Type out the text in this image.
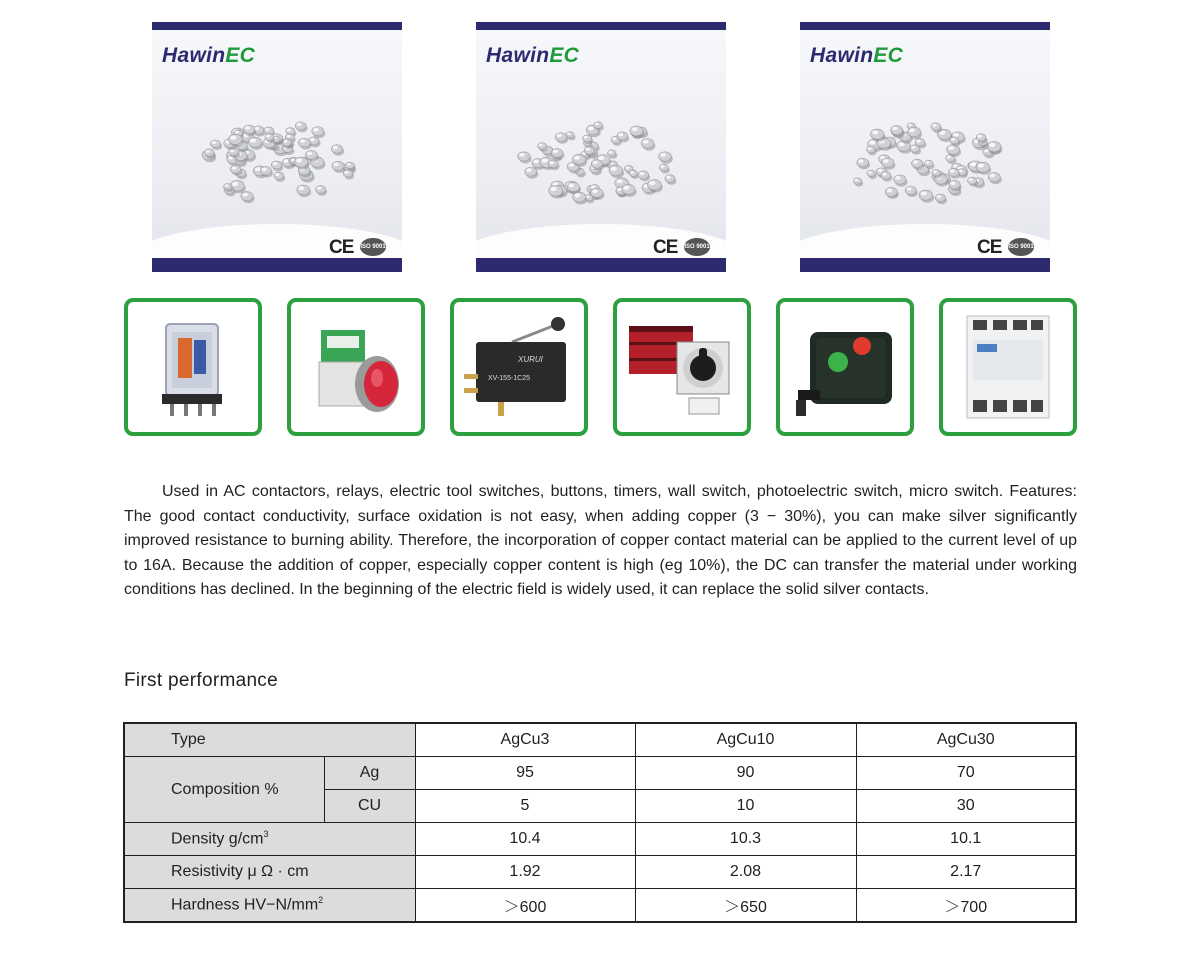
HawinEC
CE ISO 9001
HawinEC
CE ISO 9001
HawinEC
CE ISO 9001
XURUI
XV-155-1C25

Used in AC contactors, relays, electric tool switches, buttons, timers, wall switch, photoelectric switch, micro switch. Features: The good contact conductivity, surface oxidation is not easy, when adding copper (3 − 30%), you can make silver significantly improved resistance to burning ability. Therefore, the incorporation of copper contact material can be applied to the current level of up to 16A. Because the addition of copper, especially copper content is high (eg 10%), the DC can transfer the material under working conditions has declined. In the beginning of the electric field is widely used, it can replace the solid silver contacts.

First performance
Type		AgCu3	AgCu10	AgCu30
Composition %	Ag	95	90	70
	CU	5	10	30
Density $g/cm^3$		10.4	10.3	10.1
Resistivity μ Ω · cm		1.92	2.08	2.17
Hardness $HV-N/mm^2$		＞600	＞650	＞700
